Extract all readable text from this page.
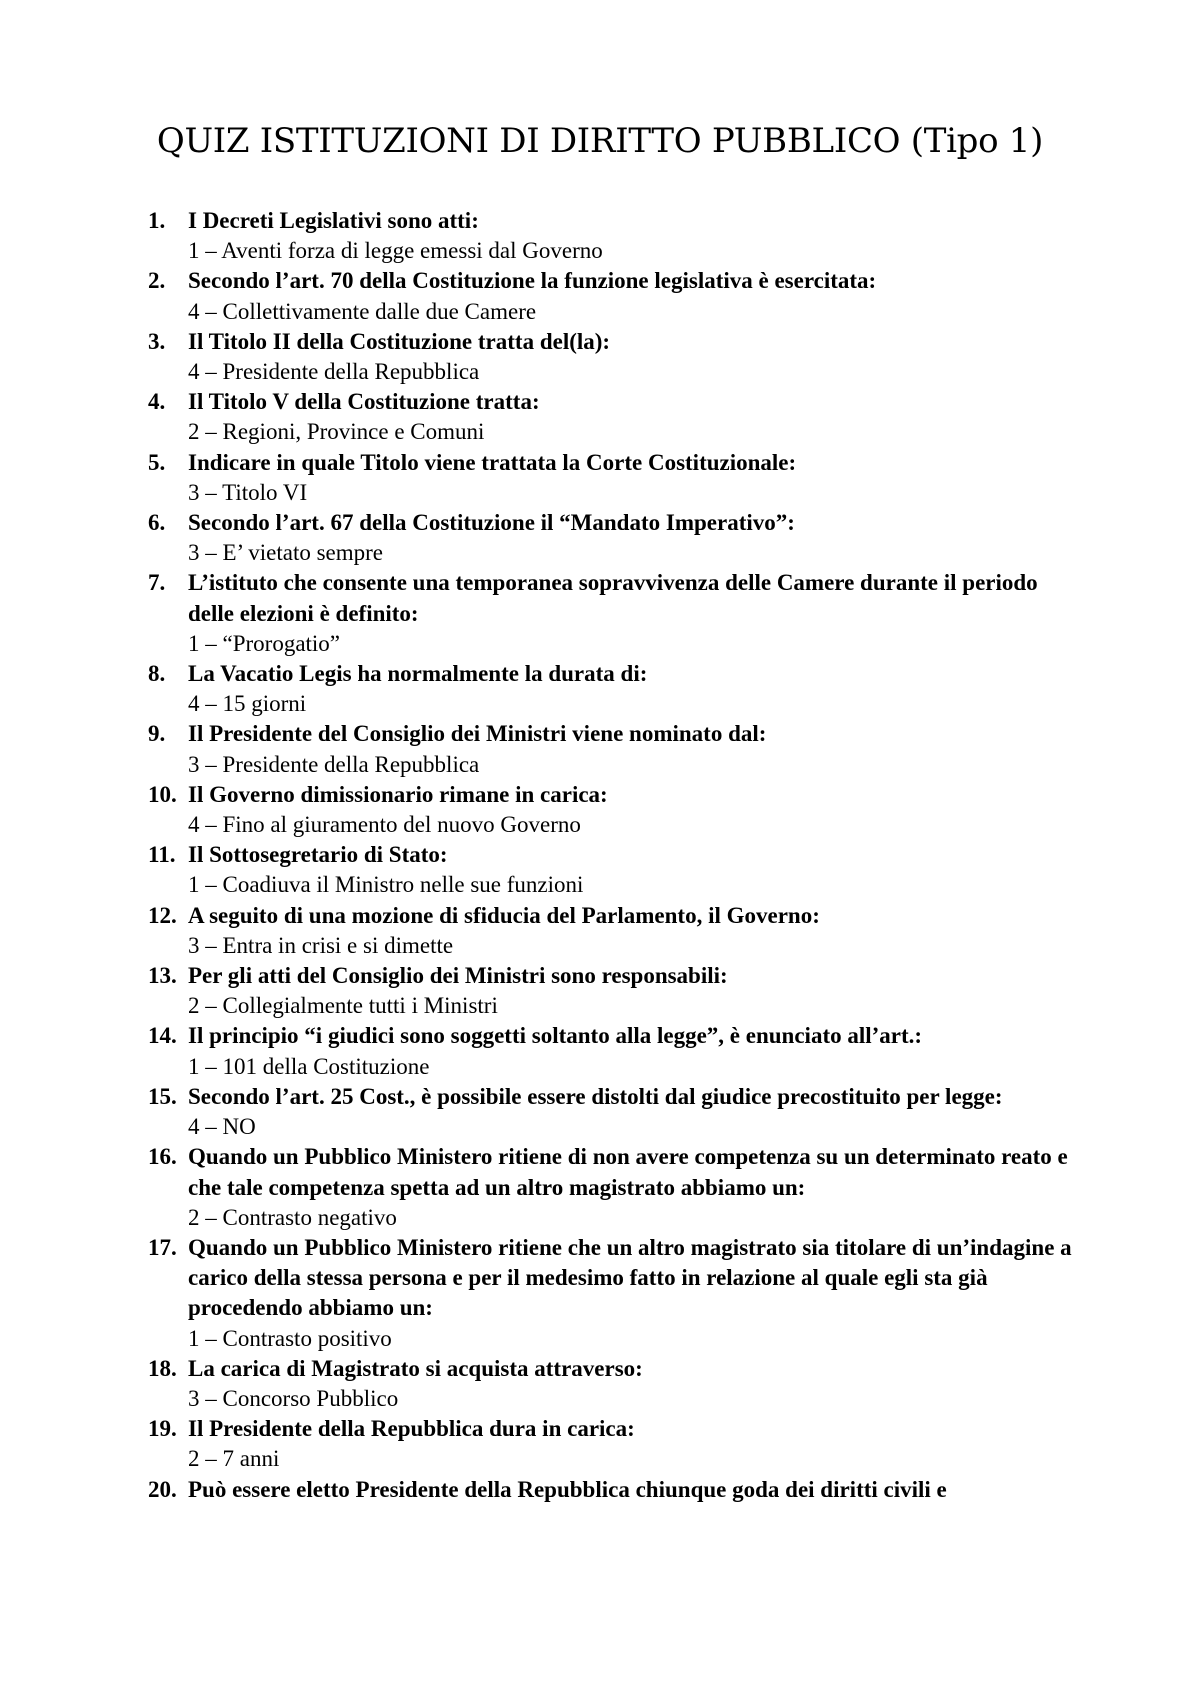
QUIZ ISTITUZIONI DI DIRITTO PUBBLICO (Tipo 1)
1. I Decreti Legislativi sono atti:
1 – Aventi forza di legge emessi dal Governo
2. Secondo l’art. 70 della Costituzione la funzione legislativa è esercitata:
4 – Collettivamente dalle due Camere
3. Il Titolo II della Costituzione tratta del(la):
4 – Presidente della Repubblica
4. Il Titolo V della Costituzione tratta:
2 – Regioni, Province e Comuni
5. Indicare in quale Titolo viene trattata la Corte Costituzionale:
3 – Titolo VI
6. Secondo l’art. 67 della Costituzione il “Mandato Imperativo”:
3 – E’ vietato sempre
7. L’istituto che consente una temporanea sopravvivenza delle Camere durante il periodo delle elezioni è definito:
1 – “Prorogatio”
8. La Vacatio Legis ha normalmente la durata di:
4 – 15 giorni
9. Il Presidente del Consiglio dei Ministri viene nominato dal:
3 – Presidente della Repubblica
10. Il Governo dimissionario rimane in carica:
4 – Fino al giuramento del nuovo Governo
11. Il Sottosegretario di Stato:
1 – Coadiuva il Ministro nelle sue funzioni
12. A seguito di una mozione di sfiducia del Parlamento, il Governo:
3 – Entra in crisi e si dimette
13. Per gli atti del Consiglio dei Ministri sono responsabili:
2 – Collegialmente tutti i Ministri
14. Il principio “i giudici sono soggetti soltanto alla legge”, è enunciato all’art.:
1 – 101 della Costituzione
15. Secondo l’art. 25 Cost., è possibile essere distolti dal giudice precostituito per legge:
4 – NO
16. Quando un Pubblico Ministero ritiene di non avere competenza su un determinato reato e che tale competenza spetta ad un altro magistrato abbiamo un:
2 – Contrasto negativo
17. Quando un Pubblico Ministero ritiene che un altro magistrato sia titolare di un’indagine a carico della stessa persona e per il medesimo fatto in relazione al quale egli sta già procedendo abbiamo un:
1 – Contrasto positivo
18. La carica di Magistrato si acquista attraverso:
3 – Concorso Pubblico
19. Il Presidente della Repubblica dura in carica:
2 – 7 anni
20. Può essere eletto Presidente della Repubblica chiunque goda dei diritti civili e
